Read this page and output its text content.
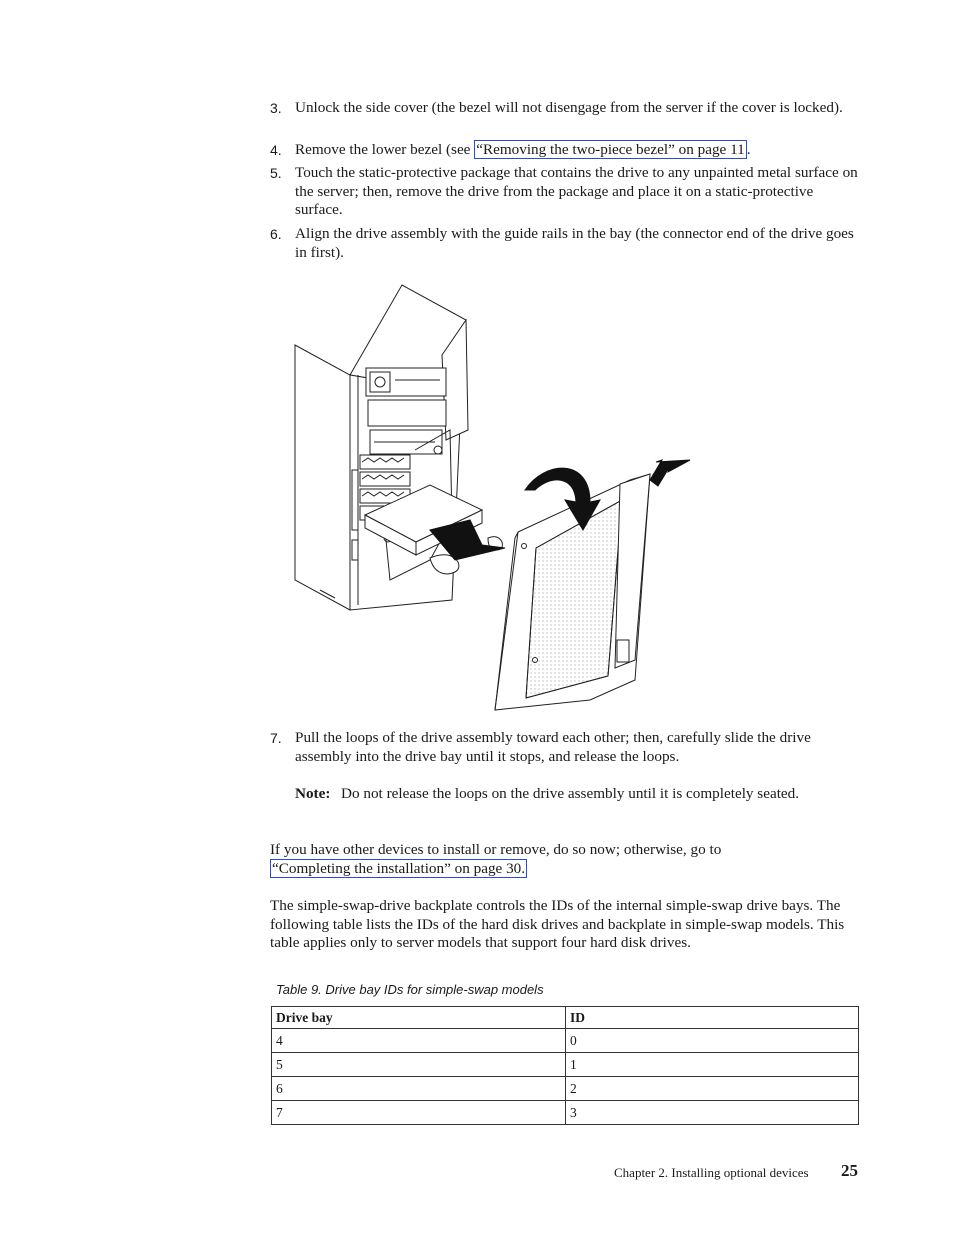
3. Unlock the side cover (the bezel will not disengage from the server if the cover is locked).
4. Remove the lower bezel (see “Removing the two-piece bezel” on page 11 .
5. Touch the static-protective package that contains the drive to any unpainted metal surface on the server; then, remove the drive from the package and place it on a static-protective surface.
6. Align the drive assembly with the guide rails in the bay (the connector end of the drive goes in first).
7. Pull the loops of the drive assembly toward each other; then, carefully slide the drive assembly into the drive bay until it stops, and release the loops.
Note: Do not release the loops on the drive assembly until it is completely seated.
If you have other devices to install or remove, do so now; otherwise, go to
“Completing the installation” on page 30.
The simple-swap-drive backplate controls the IDs of the internal simple-swap drive bays. The following table lists the IDs of the hard disk drives and backplate in simple-swap models. This table applies only to server models that support four hard disk drives.
Table 9. Drive bay IDs for simple-swap models
Drive bay	ID
4	0
5	1
6	2
7	3
Chapter 2. Installing optional devices 25
